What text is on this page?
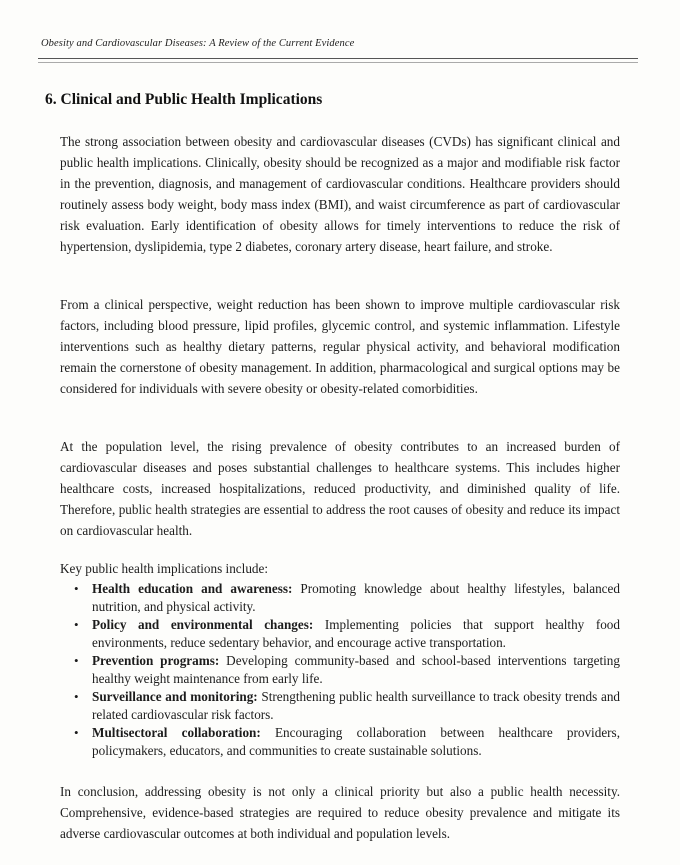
Obesity and Cardiovascular Diseases: A Review of the Current Evidence
6. Clinical and Public Health Implications

The strong association between obesity and cardiovascular diseases (CVDs) has significant clinical and public health implications. Clinically, obesity should be recognized as a major and modifiable risk factor in the prevention, diagnosis, and management of cardiovascular conditions. Healthcare providers should routinely assess body weight, body mass index (BMI), and waist circumference as part of cardiovascular risk evaluation. Early identification of obesity allows for timely interventions to reduce the risk of hypertension, dyslipidemia, type 2 diabetes, coronary artery disease, heart failure, and stroke.

From a clinical perspective, weight reduction has been shown to improve multiple cardiovascular risk factors, including blood pressure, lipid profiles, glycemic control, and systemic inflammation. Lifestyle interventions such as healthy dietary patterns, regular physical activity, and behavioral modification remain the cornerstone of obesity management. In addition, pharmacological and surgical options may be considered for individuals with severe obesity or obesity-related comorbidities.

At the population level, the rising prevalence of obesity contributes to an increased burden of cardiovascular diseases and poses substantial challenges to healthcare systems. This includes higher healthcare costs, increased hospitalizations, reduced productivity, and diminished quality of life. Therefore, public health strategies are essential to address the root causes of obesity and reduce its impact on cardiovascular health.

Key public health implications include:
• Health education and awareness: Promoting knowledge about healthy lifestyles, balanced nutrition, and physical activity.
• Policy and environmental changes: Implementing policies that support healthy food environments, reduce sedentary behavior, and encourage active transportation.
• Prevention programs: Developing community-based and school-based interventions targeting healthy weight maintenance from early life.
• Surveillance and monitoring: Strengthening public health surveillance to track obesity trends and related cardiovascular risk factors.
• Multisectoral collaboration: Encouraging collaboration between healthcare providers, policymakers, educators, and communities to create sustainable solutions.

In conclusion, addressing obesity is not only a clinical priority but also a public health necessity. Comprehensive, evidence-based strategies are required to reduce obesity prevalence and mitigate its adverse cardiovascular outcomes at both individual and population levels.
